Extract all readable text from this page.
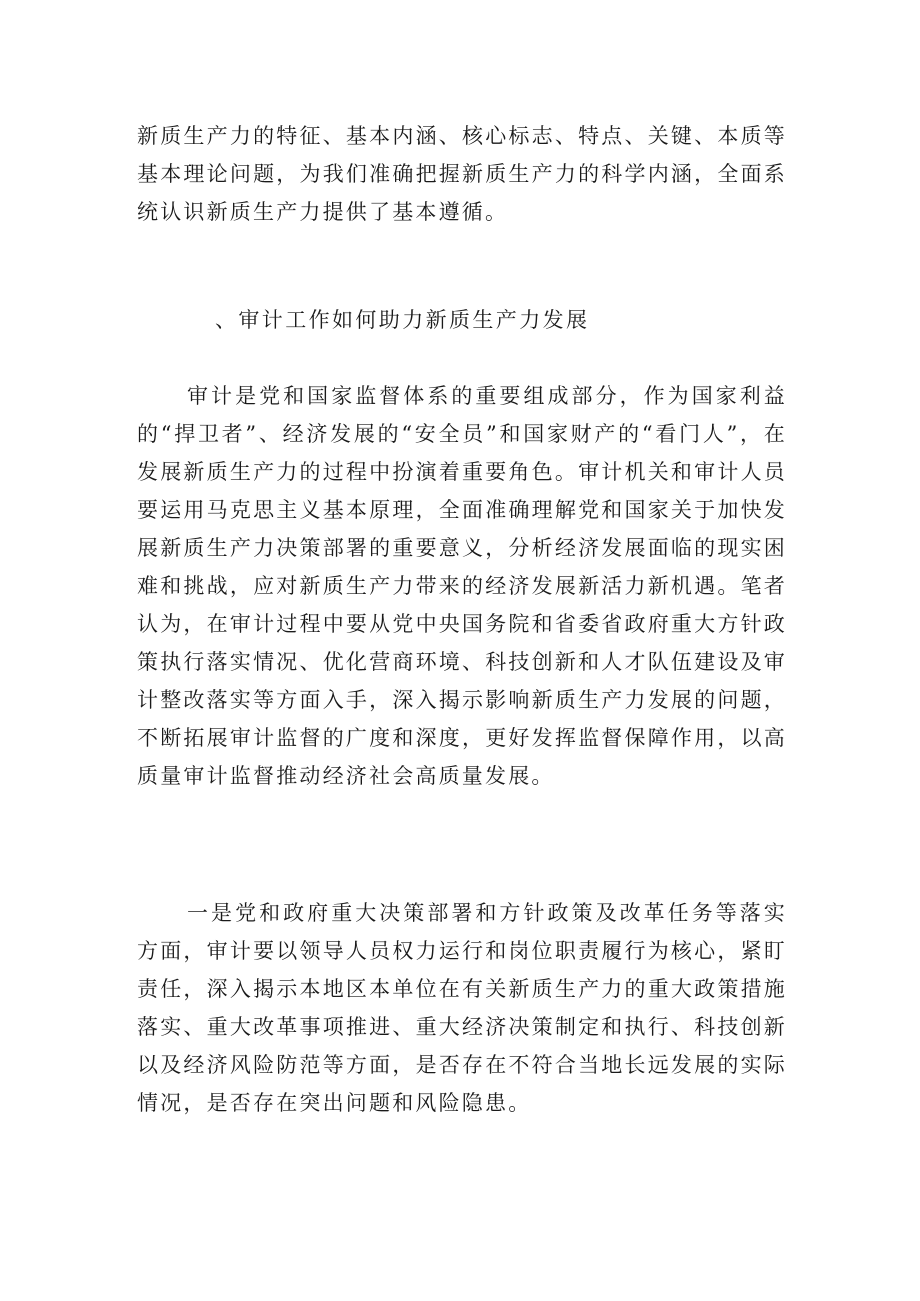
新质生产力的特征、基本内涵、核心标志、特点、关键、本质等基本理论问题，为我们准确把握新质生产力的科学内涵，全面系统认识新质生产力提供了基本遵循。

、审计工作如何助力新质生产力发展

审计是党和国家监督体系的重要组成部分，作为国家利益的“捍卫者”、经济发展的“安全员”和国家财产的“看门人”，在发展新质生产力的过程中扮演着重要角色。审计机关和审计人员要运用马克思主义基本原理，全面准确理解党和国家关于加快发展新质生产力决策部署的重要意义，分析经济发展面临的现实困难和挑战，应对新质生产力带来的经济发展新活力新机遇。笔者认为，在审计过程中要从党中央国务院和省委省政府重大方针政策执行落实情况、优化营商环境、科技创新和人才队伍建设及审计整改落实等方面入手，深入揭示影响新质生产力发展的问题，不断拓展审计监督的广度和深度，更好发挥监督保障作用，以高质量审计监督推动经济社会高质量发展。

一是党和政府重大决策部署和方针政策及改革任务等落实方面，审计要以领导人员权力运行和岗位职责履行为核心，紧盯责任，深入揭示本地区本单位在有关新质生产力的重大政策措施落实、重大改革事项推进、重大经济决策制定和执行、科技创新以及经济风险防范等方面，是否存在不符合当地长远发展的实际情况，是否存在突出问题和风险隐患。
